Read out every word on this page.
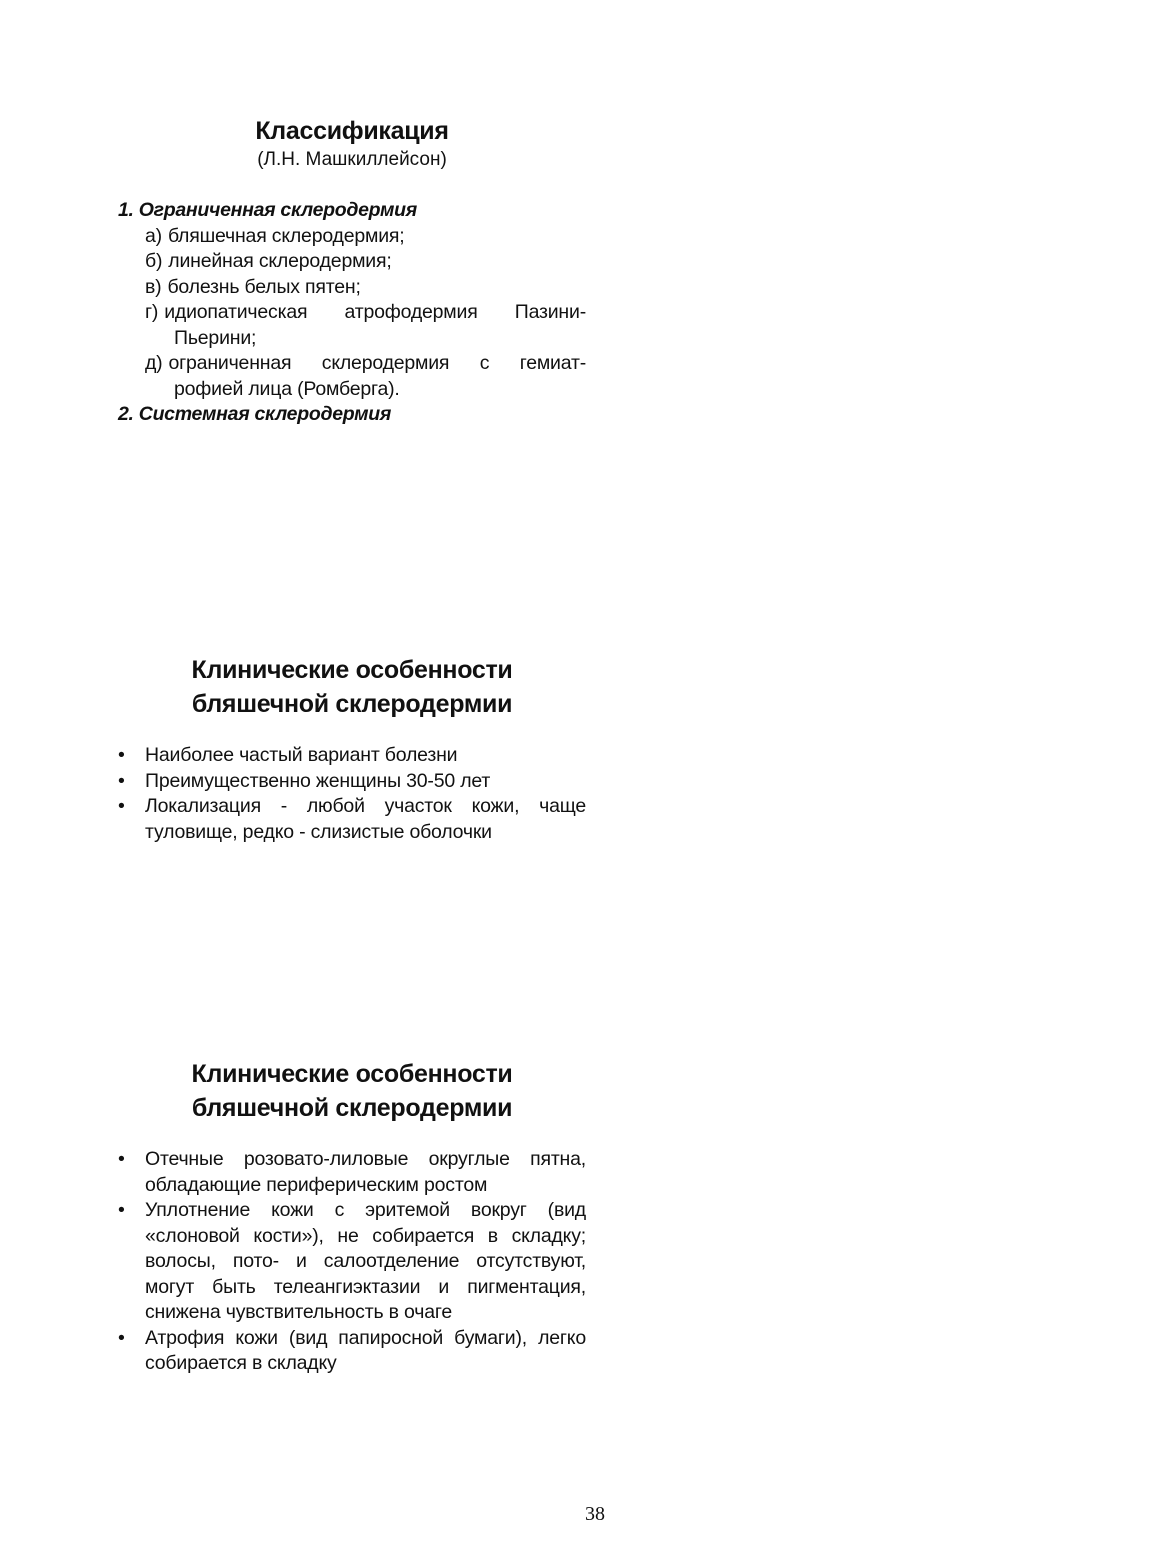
Классификация

(Л.Н. Машкиллейсон)

1. Ограниченная склеродермия

а) бляшечная склеродермия;
б) линейная склеродермия;
в) болезнь белых пятен;
г) идиопатическая атрофодермия Пазини-

Пьерини;

д) ограниченная склеродермия с гемиат-

рофией лица (Ромберга).

2. Системная склеродермия

Клинические особенности

бляшечной склеродермии

• Наиболее частый вариант болезни
• Преимущественно женщины 30-50 лет
• Локализация - любой участок кожи, чаще туловище, редко - слизистые оболочки

Клинические особенности

бляшечной склеродермии

• Отечные розовато-лиловые округлые пятна, обладающие периферическим ростом
• Уплотнение кожи с эритемой вокруг (вид «слоновой кости»), не собирается в складку; волосы, пото- и салоотделение отсутствуют, могут быть телеангиэктазии и пигментация, снижена чувствительность в очаге
• Атрофия кожи (вид папиросной бумаги), легко собирается в складку
38
